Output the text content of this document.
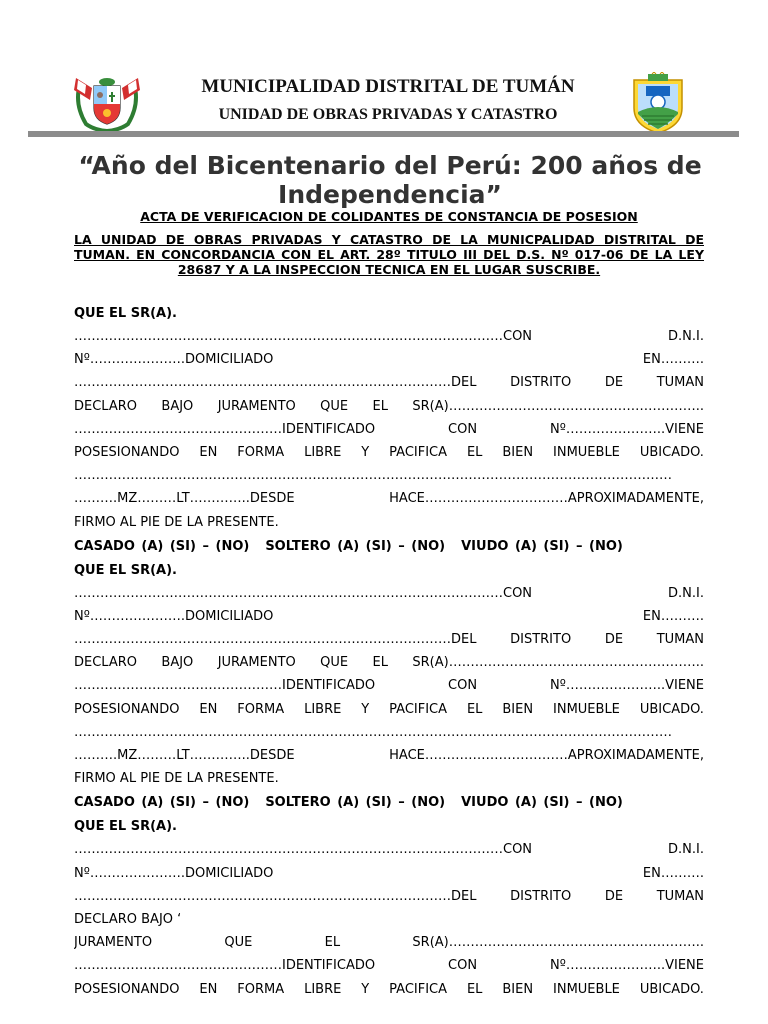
MUNICIPALIDAD DISTRITAL DE TUMÁN
UNIDAD DE OBRAS PRIVADAS Y CATASTRO
“Año del Bicentenario del Perú: 200 años de Independencia”
ACTA DE VERIFICACION DE COLIDANTES DE CONSTANCIA DE POSESION
LA UNIDAD DE OBRAS PRIVADAS Y CATASTRO DE LA MUNICPALIDAD DISTRITAL DE TUMAN. EN CONCORDANCIA CON EL ART. 28º TITULO III DEL D.S. Nº 017-06 DE LA LEY 28687 Y A LA INSPECCION TECNICA EN EL LUGAR SUSCRIBE.
QUE EL SR(A).
………………………………………………………………………………………CON	D.N.I.
Nº………………….DOMICILIADO	EN……….
……………………………………………………………………………DEL	DISTRITO	DE	TUMAN
DECLARO BAJO JURAMENTO QUE EL SR(A)…………………………………………………..
…………………………………………IDENTIFICADO	CON	Nº…………………..VIENE
POSESIONANDO EN FORMA LIBRE Y PACIFICA EL BIEN INMUEBLE UBICADO.
…………………………………………………………………………………………………………………………
……….MZ………LT…………..DESDE	HACE……………………………APROXIMADAMENTE,
FIRMO AL PIE DE LA PRESENTE.
CASADO (A) (SI) – (NO) SOLTERO (A) (SI) – (NO) VIUDO (A) (SI) – (NO)
QUE EL SR(A).
………………………………………………………………………………………CON	D.N.I.
Nº………………….DOMICILIADO	EN……….
……………………………………………………………………………DEL	DISTRITO	DE	TUMAN
DECLARO BAJO JURAMENTO QUE EL SR(A)…………………………………………………..
…………………………………………IDENTIFICADO	CON	Nº…………………..VIENE
POSESIONANDO EN FORMA LIBRE Y PACIFICA EL BIEN INMUEBLE UBICADO.
…………………………………………………………………………………………………………………………
……….MZ………LT…………..DESDE	HACE……………………………APROXIMADAMENTE,
FIRMO AL PIE DE LA PRESENTE.
CASADO (A) (SI) – (NO) SOLTERO (A) (SI) – (NO) VIUDO (A) (SI) – (NO)
QUE EL SR(A).
………………………………………………………………………………………CON	D.N.I.
Nº………………….DOMICILIADO	EN……….
……………………………………………………………………………DEL	DISTRITO	DE	TUMAN
DECLARO BAJO ‘
JURAMENTO	QUE	EL	SR(A)…………………………………………………..
…………………………………………IDENTIFICADO	CON	Nº…………………..VIENE
POSESIONANDO EN FORMA LIBRE Y PACIFICA EL BIEN INMUEBLE UBICADO.
